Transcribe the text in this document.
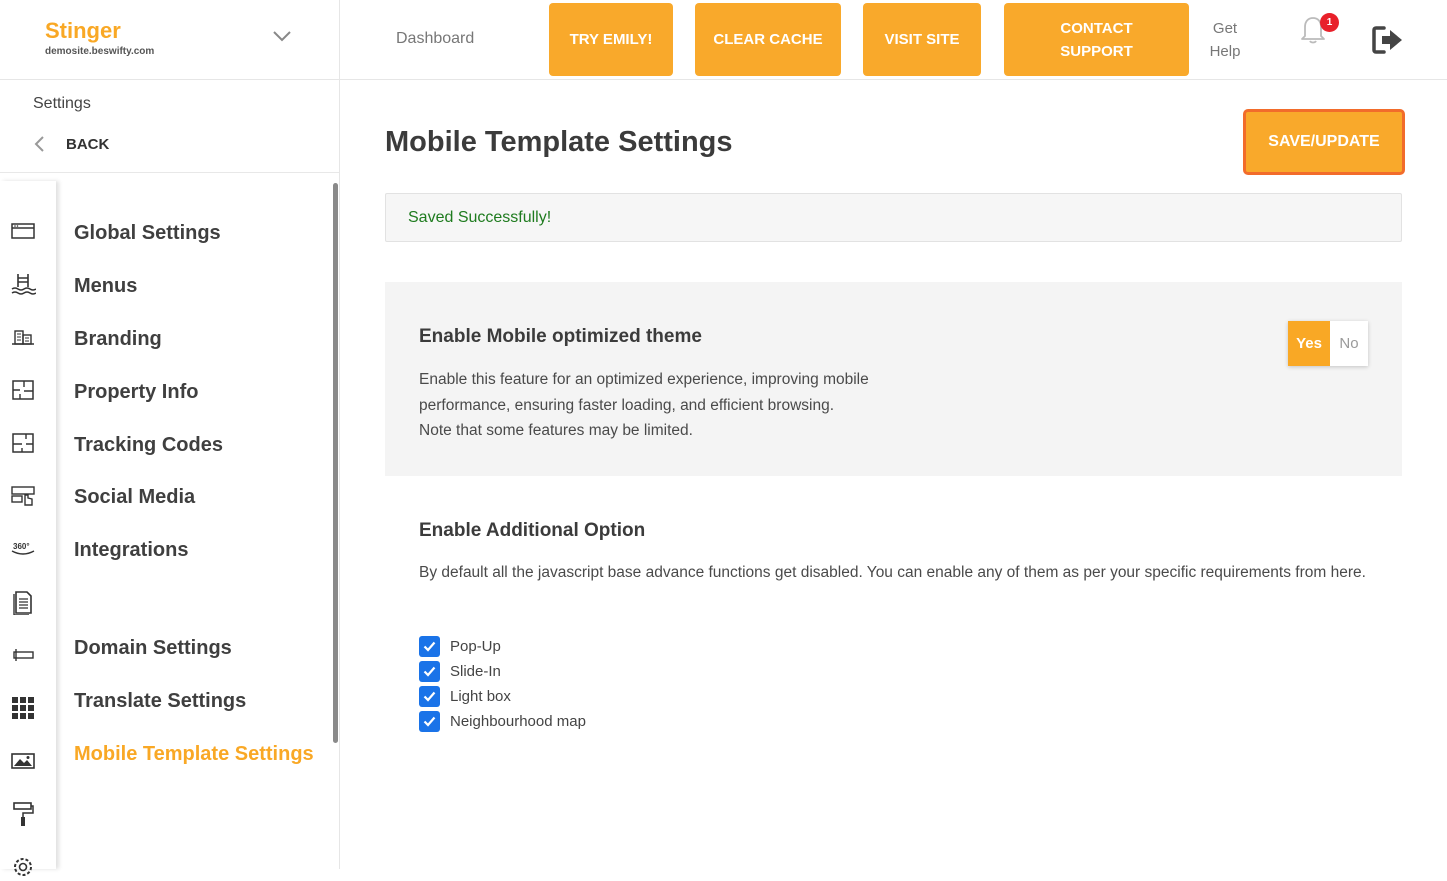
Stinger
demosite.beswifty.com
Dashboard	TRY EMILY!	CLEAR CACHE	VISIT SITE
CONTACT SUPPORT
Get Help
1
Settings
BACK
360°
Global Settings
Menus
Branding
Property Info
Tracking Codes
Social Media
Integrations
Domain Settings
Translate Settings
Mobile Template Settings
Mobile Template Settings	SAVE/UPDATE
Saved Successfully!
Enable Mobile optimized theme
Enable this feature for an optimized experience, improving mobile performance, ensuring faster loading, and efficient browsing. Note that some features may be limited.
Yes	No
Enable Additional Option
By default all the javascript base advance functions get disabled. You can enable any of them as per your specific requirements from here.
Pop-Up
Slide-In
Light box
Neighbourhood map
